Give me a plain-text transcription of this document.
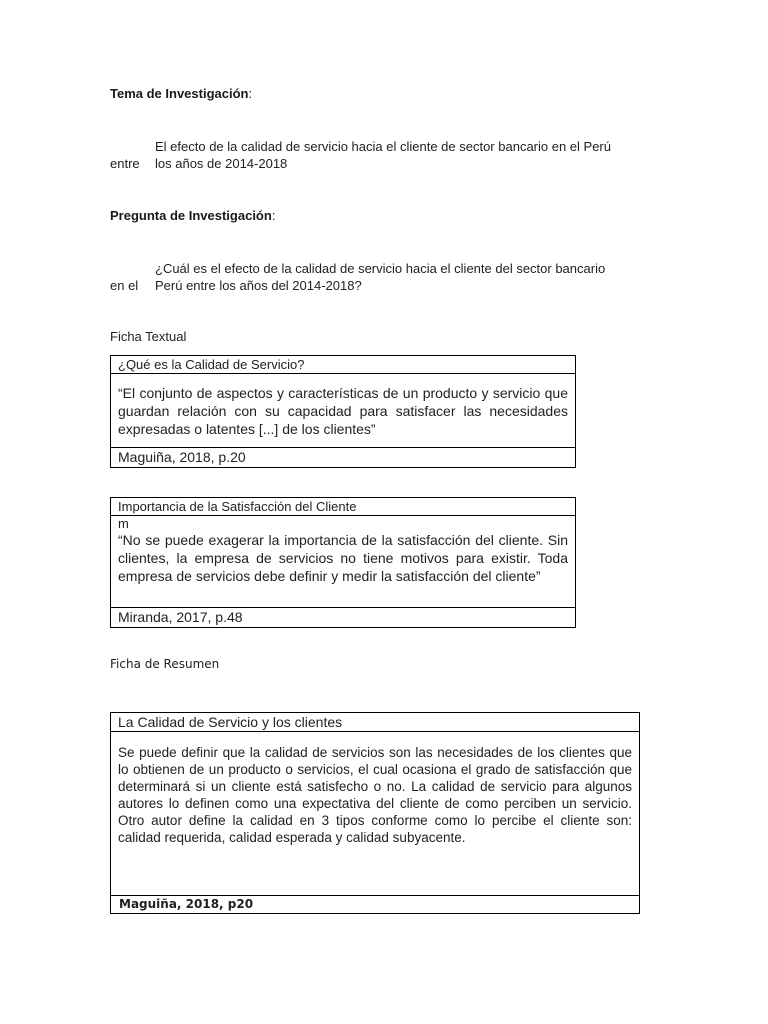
Tema de Investigación:
El efecto de la calidad de servicio hacia el cliente de sector bancario en el Perú
entre los años de 2014-2018
Pregunta de Investigación:
¿Cuál es el efecto de la calidad de servicio hacia el cliente del sector bancario
en el Perú entre los años del 2014-2018?
Ficha Textual
¿Qué es la Calidad de Servicio?
“El conjunto de aspectos y características de un producto y servicio que guardan relación con su capacidad para satisfacer las necesidades expresadas o latentes [...] de los clientes”
Maguiña, 2018, p.20
Importancia de la Satisfacción del Cliente

m
“No se puede exagerar la importancia de la satisfacción del cliente. Sin clientes, la empresa de servicios no tiene motivos para existir. Toda empresa de servicios debe definir y medir la satisfacción del cliente”

Miranda, 2017, p.48
Ficha de Resumen
La Calidad de Servicio y los clientes
Se puede definir que la calidad de servicios son las necesidades de los clientes que lo obtienen de un producto o servicios, el cual ocasiona el grado de satisfacción que determinará si un cliente está satisfecho o no. La calidad de servicio para algunos autores lo definen como una expectativa del cliente de como perciben un servicio. Otro autor define la calidad en 3 tipos conforme como lo percibe el cliente son: calidad requerida, calidad esperada y calidad subyacente.
Maguiña, 2018, p20
